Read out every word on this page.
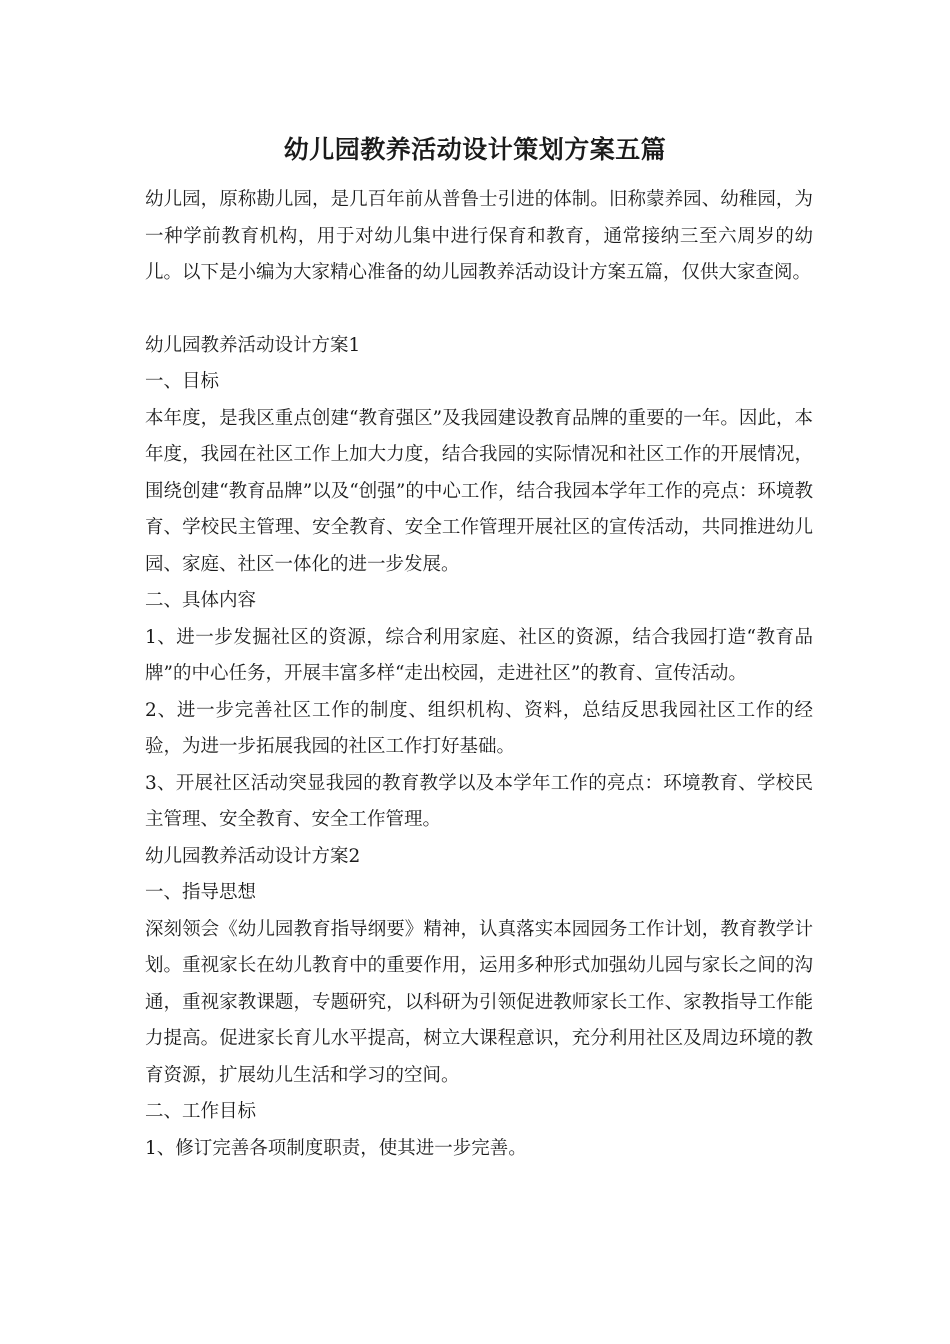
幼儿园教养活动设计策划方案五篇

幼儿园，原称勘儿园，是几百年前从普鲁士引进的体制。旧称蒙养园、幼稚园，为一种学前教育机构，用于对幼儿集中进行保育和教育，通常接纳三至六周岁的幼儿。以下是小编为大家精心准备的幼儿园教养活动设计方案五篇，仅供大家查阅。

幼儿园教养活动设计方案1

一、目标

本年度，是我区重点创建“教育强区”及我园建设教育品牌的重要的一年。因此，本年度，我园在社区工作上加大力度，结合我园的实际情况和社区工作的开展情况，围绕创建“教育品牌”以及“创强”的中心工作，结合我园本学年工作的亮点：环境教育、学校民主管理、安全教育、安全工作管理开展社区的宣传活动，共同推进幼儿园、家庭、社区一体化的进一步发展。

二、具体内容

1、进一步发掘社区的资源，综合利用家庭、社区的资源，结合我园打造“教育品牌”的中心任务，开展丰富多样“走出校园，走进社区”的教育、宣传活动。

2、进一步完善社区工作的制度、组织机构、资料，总结反思我园社区工作的经验，为进一步拓展我园的社区工作打好基础。

3、开展社区活动突显我园的教育教学以及本学年工作的亮点：环境教育、学校民主管理、安全教育、安全工作管理。

幼儿园教养活动设计方案2

一、指导思想

深刻领会《幼儿园教育指导纲要》精神，认真落实本园园务工作计划，教育教学计划。重视家长在幼儿教育中的重要作用，运用多种形式加强幼儿园与家长之间的沟通，重视家教课题，专题研究，以科研为引领促进教师家长工作、家教指导工作能力提高。促进家长育儿水平提高，树立大课程意识，充分利用社区及周边环境的教育资源，扩展幼儿生活和学习的空间。

二、工作目标

1、修订完善各项制度职责，使其进一步完善。
